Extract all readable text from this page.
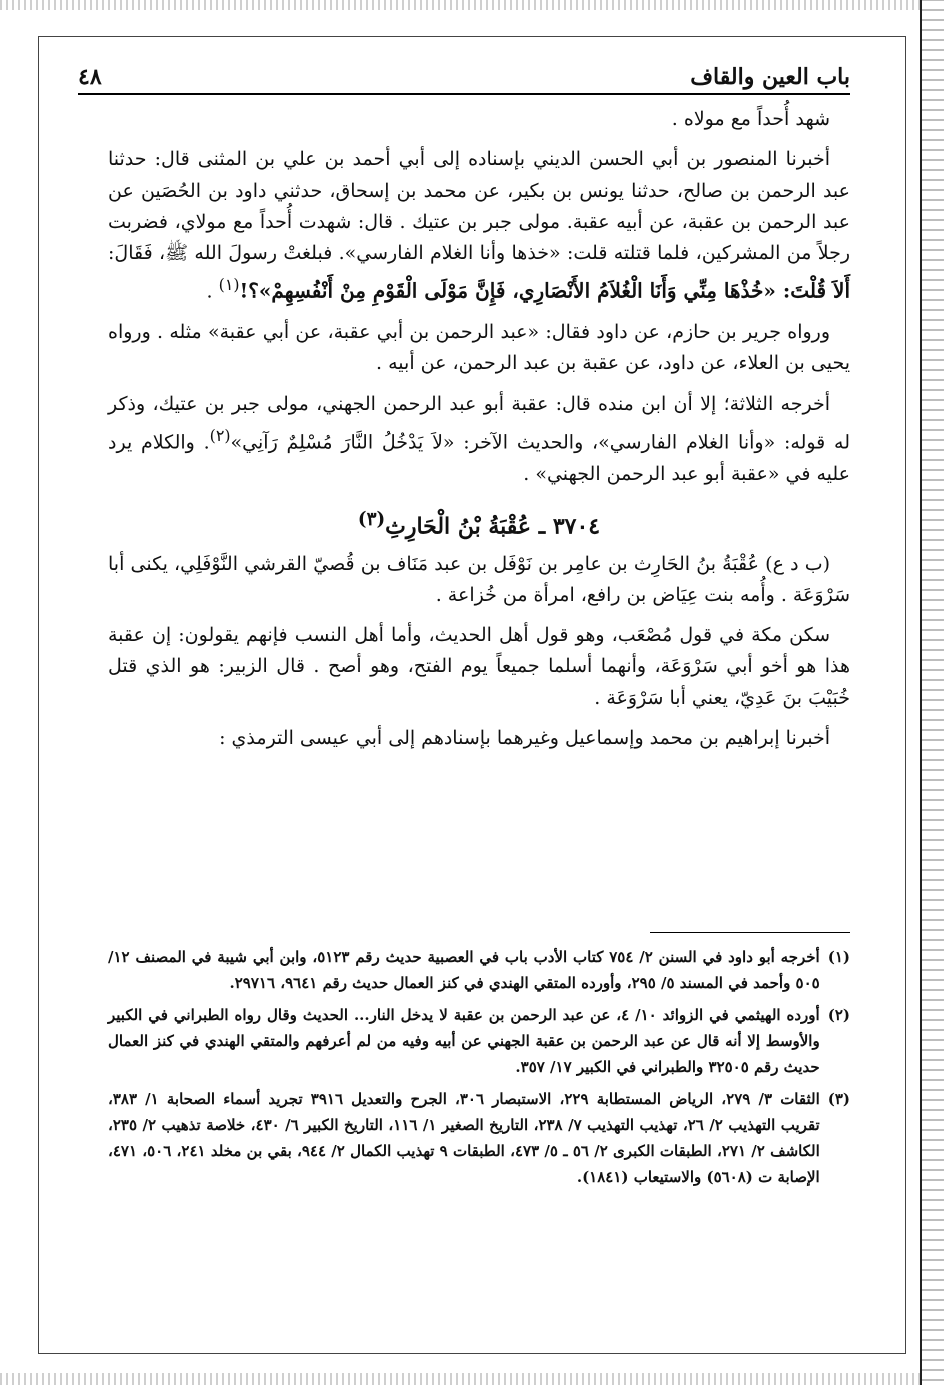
باب العين والقاف
٤٨

شهد أُحداً مع مولاه .

أخبرنا المنصور بن أبي الحسن الديني بإسناده إلى أبي أحمد بن علي بن المثنى قال: حدثنا عبد الرحمن بن صالح، حدثنا يونس بن بكير، عن محمد بن إسحاق، حدثني داود بن الحُصَين عن عبد الرحمن بن عقبة، عن أبيه عقبة. مولى جبر بن عتيك . قال: شهدت أُحداً مع مولاي، فضربت رجلاً من المشركين، فلما قتلته قلت: «خذها وأنا الغلام الفارسي». فبلغتْ رسولَ الله ﷺ، فَقَالَ: أَلاَ قُلْتَ: «خُذْهَا مِنِّي وَأَنَا الْغُلاَمُ الأَنْصَارِي، فَإِنَّ مَوْلَى الْقَوْمِ مِنْ أَنْفُسِهِمْ»؟!$^{(١)}$ .

ورواه جرير بن حازم، عن داود فقال: «عبد الرحمن بن أبي عقبة، عن أبي عقبة» مثله . ورواه يحيى بن العلاء، عن داود، عن عقبة بن عبد الرحمن، عن أبيه .

أخرجه الثلاثة؛ إلا أن ابن منده قال: عقبة أبو عبد الرحمن الجهني، مولى جبر بن عتيك، وذكر له قوله: «وأنا الغلام الفارسي»، والحديث الآخر: «لاَ يَدْخُلُ النَّارَ مُسْلِمٌ رَآنِي»$^{(٢)}$. والكلام يرد عليه في «عقبة أبو عبد الرحمن الجهني» .

٣٧٠٤ ـ عُقْبَةُ بْنُ الْحَارِثِ$^{(٣)}$

(ب د ع) عُقْبَةُ بنُ الحَارِث بن عامِر بن نَوْفَل بن عبد مَنَاف بن قُصيّ القرشي النَّوْفَلِي، يكنى أبا سَرْوَعَة . وأُمه بنت عِيَاض بن رافع، امرأة من خُزاعة .

سكن مكة في قول مُصْعَب، وهو قول أهل الحديث، وأما أهل النسب فإنهم يقولون: إن عقبة هذا هو أخو أبي سَرْوَعَة، وأنهما أسلما جميعاً يوم الفتح، وهو أصح . قال الزبير: هو الذي قتل خُبَيْبَ بنَ عَدِيّ، يعني أبا سَرْوَعَة .

أخبرنا إبراهيم بن محمد وإسماعيل وغيرهما بإسنادهم إلى أبي عيسى الترمذي :

(١)
أخرجه أبو داود في السنن ٢/ ٧٥٤ كتاب الأدب باب في العصبية حديث رقم ٥١٢٣، وابن أبي شيبة في المصنف ١٢/ ٥٠٥ وأحمد في المسند ٥/ ٢٩٥، وأورده المتقي الهندي في كنز العمال حديث رقم ٩٦٤١، ٢٩٧١٦.
(٢)
أورده الهيثمي في الزوائد ١٠/ ٤، عن عبد الرحمن بن عقبة لا يدخل النار... الحديث وقال رواه الطبراني في الكبير والأوسط إلا أنه قال عن عبد الرحمن بن عقبة الجهني عن أبيه وفيه من لم أعرفهم والمتقي الهندي في كنز العمال حديث رقم ٣٢٥٠٥ والطبراني في الكبير ١٧/ ٣٥٧.
(٣)
الثقات ٣/ ٢٧٩، الرياض المستطابة ٢٢٩، الاستبصار ٣٠٦، الجرح والتعديل ٣٩١٦ تجريد أسماء الصحابة ١/ ٣٨٣، تقريب التهذيب ٢/ ٢٦، تهذيب التهذيب ٧/ ٢٣٨، التاريخ الصغير ١/ ١١٦، التاريخ الكبير ٦/ ٤٣٠، خلاصة تذهيب ٢/ ٢٣٥، الكاشف ٢/ ٢٧١، الطبقات الكبرى ٢/ ٥٦ ـ ٥/ ٤٧٣، الطبقات ٩ تهذيب الكمال ٢/ ٩٤٤، بقي بن مخلد ٢٤١، ٥٠٦، ٤٧١، الإصابة ت (٥٦٠٨) والاستيعاب (١٨٤١).
